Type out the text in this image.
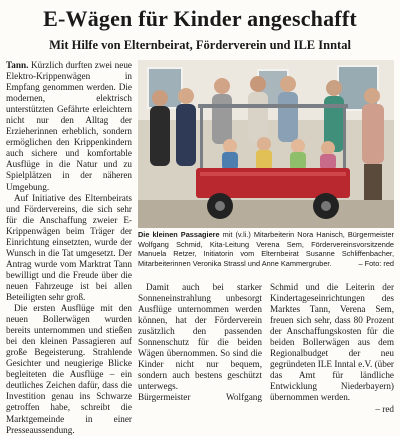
E-Wägen für Kinder angeschafft
Mit Hilfe von Elternbeirat, Förderverein und ILE Inntal

Tann. Kürzlich durften zwei neue Elektro-Krippenwägen in Empfang genommen werden. Die modernen, elektrisch unterstützten Gefährte erleichtern nicht nur den Alltag der Erzieherinnen erheblich, sondern ermöglichen den Krippenkindern auch sichere und komfortable Ausflüge in die Natur und zu Spielplätzen in der näheren Umgebung.

Auf Initiative des Elternbeirats und Fördervereins, die sich sehr für die Anschaffung zweier E-Krippenwägen beim Träger der Einrichtung einsetzten, wurde der Wunsch in die Tat umgesetzt. Der Antrag wurde vom Marktrat Tann bewilligt und die Freude über die neuen Fahrzeuge ist bei allen Beteiligten sehr groß.

Die ersten Ausflüge mit den neuen Bollerwägen wurden bereits unternommen und stießen bei den kleinen Passagieren auf große Begeisterung. Strahlende Gesichter und neugierige Blicke begleiteten die Ausflüge – ein deutliches Zeichen dafür, dass die Investition genau ins Schwarze getroffen habe, schreibt die Marktgemeinde in einer Presseaussendung.

Die kleinen Passagiere mit (v.li.) Mitarbeiterin Nora Hanisch, Bürgermeister Wolfgang Schmid, Kita-Leitung Verena Sem, Fördervereinsvorsitzende Manuela Retzer, Initiatorin vom Elternbeirat Susanne Schliffenbacher, Mitarbeiterinnen Veronika Strassl und Anne Kammergruber.	– Foto: red

Damit auch bei starker Sonneneinstrahlung unbesorgt Ausflüge unternommen werden können, hat der Förderverein zusätzlich den passenden Sonnenschutz für die beiden Wägen übernommen. So sind die Kinder nicht nur bequem, sondern auch bestens geschützt unterwegs.

Bürgermeister	Wolfgang

Schmid und die Leiterin der Kindertageseinrichtungen des Marktes Tann, Verena Sem, freuen sich sehr, dass 80 Prozent der Anschaffungskosten für die beiden Bollerwägen aus dem Regionalbudget der neu gegründeten ILE Inntal e.V. (über das Amt für ländliche Entwicklung Niederbayern) übernommen werden.

– red
